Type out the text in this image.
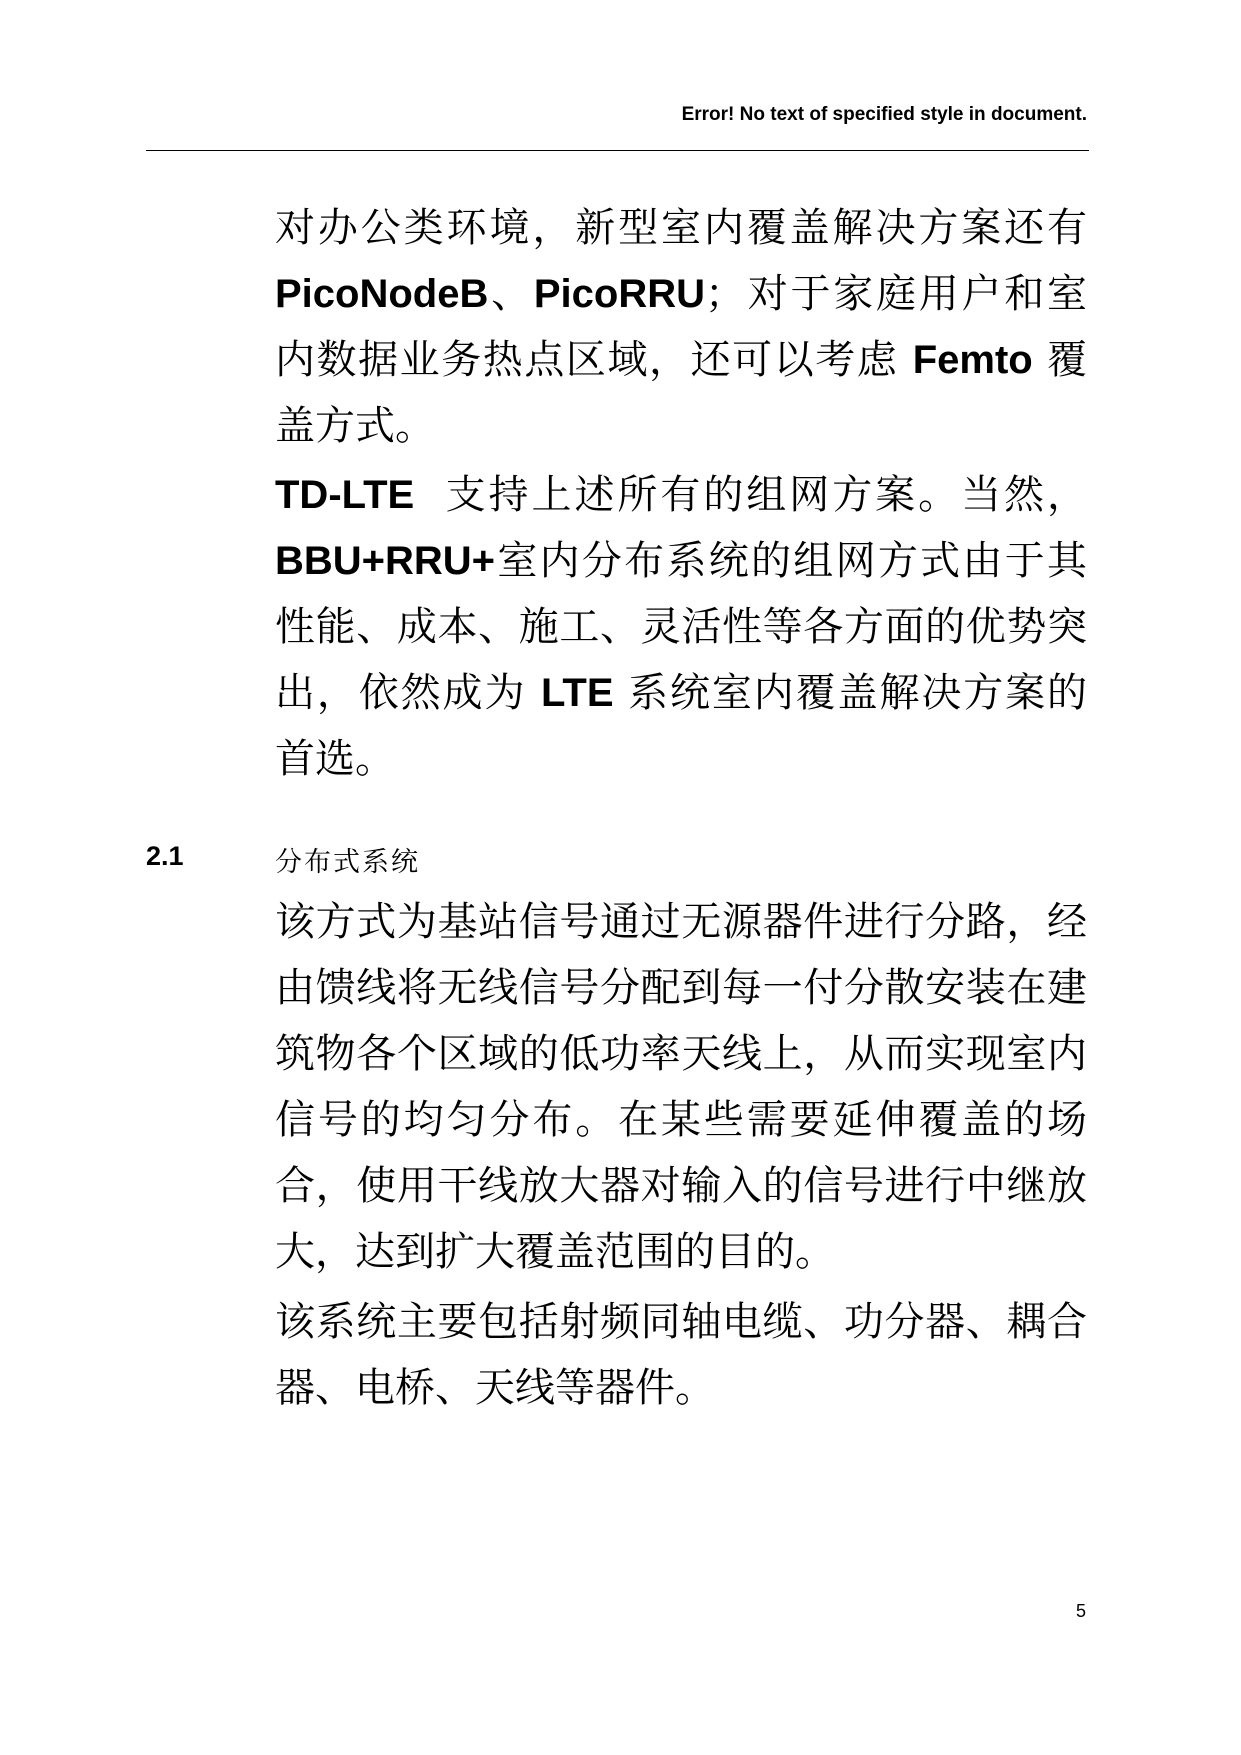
Error! No text of specified style in document.

对办公类环境，新型室内覆盖解决方案还有PicoNodeB、PicoRRU；对于家庭用户和室内数据业务热点区域，还可以考虑 Femto 覆盖方式。

TD-LTE 支持上述所有的组网方案。当然，BBU+RRU+室内分布系统的组网方式由于其性能、成本、施工、灵活性等各方面的优势突出，依然成为 LTE 系统室内覆盖解决方案的首选。

2.1	分布式系统

该方式为基站信号通过无源器件进行分路，经由馈线将无线信号分配到每一付分散安装在建筑物各个区域的低功率天线上，从而实现室内信号的均匀分布。在某些需要延伸覆盖的场合，使用干线放大器对输入的信号进行中继放大，达到扩大覆盖范围的目的。

该系统主要包括射频同轴电缆、功分器、耦合器、电桥、天线等器件。

5
